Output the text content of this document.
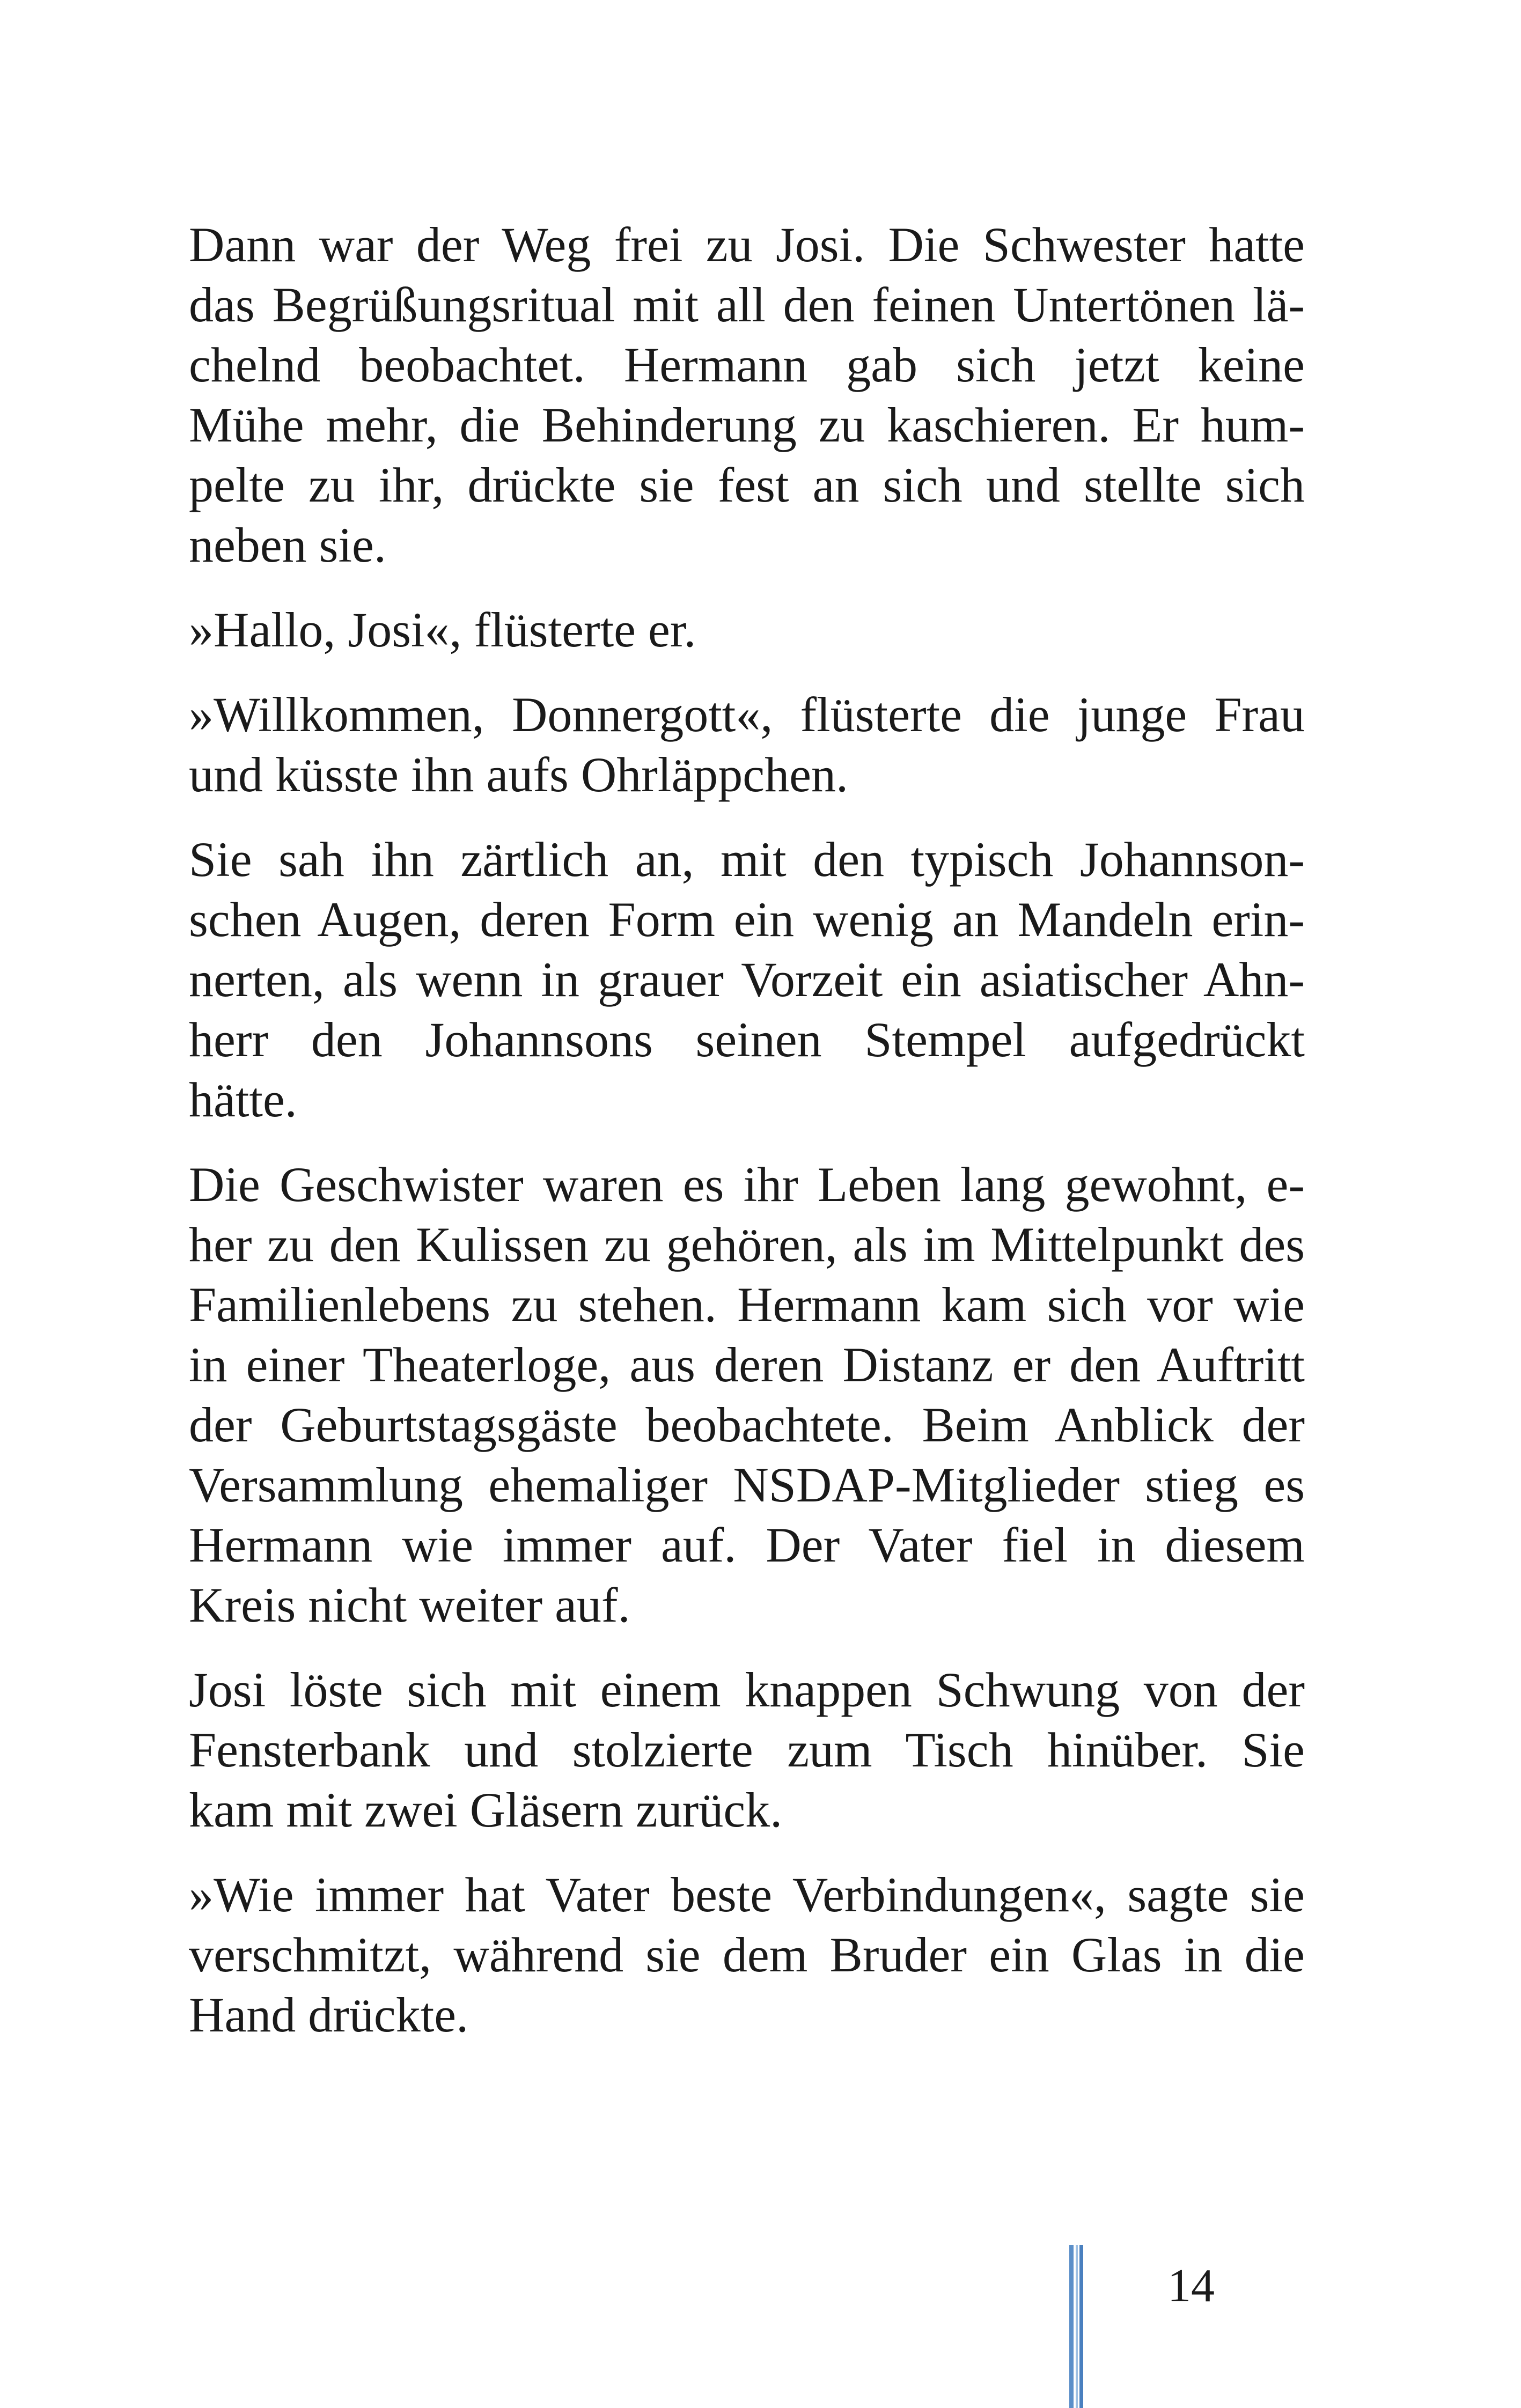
Dann war der Weg frei zu Josi. Die Schwester hatte
das Begrüßungsritual mit all den feinen Untertönen lä-
chelnd beobachtet. Hermann gab sich jetzt keine
Mühe mehr, die Behinderung zu kaschieren. Er hum-
pelte zu ihr, drückte sie fest an sich und stellte sich
neben sie.

»Hallo, Josi«, flüsterte er.

»Willkommen, Donnergott«, flüsterte die junge Frau
und küsste ihn aufs Ohrläppchen.

Sie sah ihn zärtlich an, mit den typisch Johannson-
schen Augen, deren Form ein wenig an Mandeln erin-
nerten, als wenn in grauer Vorzeit ein asiatischer Ahn-
herr den Johannsons seinen Stempel aufgedrückt
hätte.

Die Geschwister waren es ihr Leben lang gewohnt, e-
her zu den Kulissen zu gehören, als im Mittelpunkt des
Familienlebens zu stehen. Hermann kam sich vor wie
in einer Theaterloge, aus deren Distanz er den Auftritt
der Geburtstagsgäste beobachtete. Beim Anblick der
Versammlung ehemaliger NSDAP-Mitglieder stieg es
Hermann wie immer auf. Der Vater fiel in diesem
Kreis nicht weiter auf.

Josi löste sich mit einem knappen Schwung von der
Fensterbank und stolzierte zum Tisch hinüber. Sie
kam mit zwei Gläsern zurück.

»Wie immer hat Vater beste Verbindungen«, sagte sie
verschmitzt, während sie dem Bruder ein Glas in die
Hand drückte.

14
